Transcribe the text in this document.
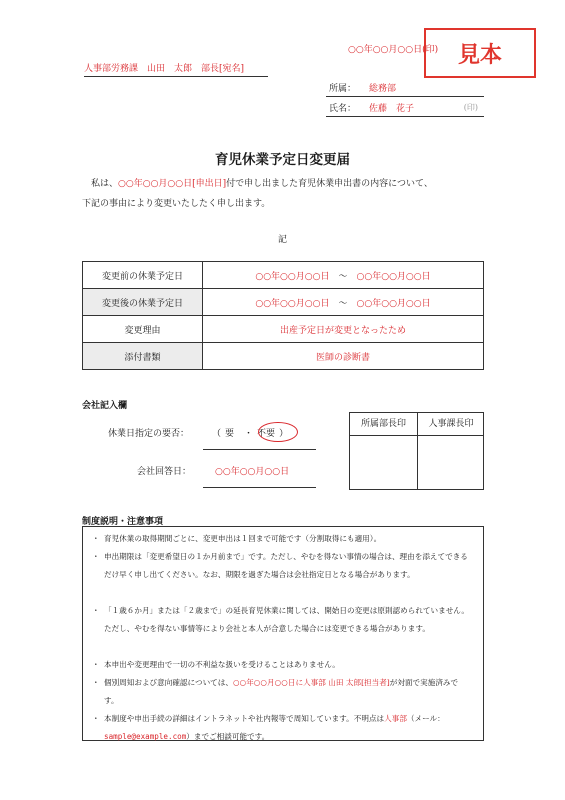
見本
○○年○○月○○日(印)
人事部労務課　山田　太郎　部長[宛名]
所属： 総務部
氏名： 佐藤　花子	(印)
育児休業予定日変更届
私は、○○年○○月○○日[申出日]付で申し出ました育児休業申出書の内容について、
下記の事由により変更いたしたく申し出ます。
記
変更前の休業予定日	○○年○○月○○日　 ～　 ○○年○○月○○日
変更後の休業予定日	○○年○○月○○日　 ～　 ○○年○○月○○日
変更理由	出産予定日が変更となったため
添付書類	医師の診断書
会社記入欄
休業日指定の要否：	（ 要 ・ 不要 ）
会社回答日：	○○年○○月○○日
所属部長印	人事課長印
制度説明・注意事項
・ 育児休業の取得期間ごとに、変更申出は１回まで可能です（分割取得にも適用）。
・ 申出期限は「変更希望日の１か月前まで」です。ただし、やむを得ない事情の場合は、理由を添えてできるだけ早く申し出てください。なお、期限を過ぎた場合は会社指定日となる場合があります。
・ 「１歳６か月」または「２歳まで」の延長育児休業に関しては、開始日の変更は原則認められていません。ただし、やむを得ない事情等により会社と本人が合意した場合には変更できる場合があります。
・ 本申出や変更理由で一切の不利益な扱いを受けることはありません。
・ 個別周知および意向確認については、○○年○○月○○日に人事部 山田 太郎[担当者]が対面で実施済みです。
・ 本制度や申出手続の詳細はイントラネットや社内報等で周知しています。不明点は人事部（メール：sample@example.com）までご相談可能です。
